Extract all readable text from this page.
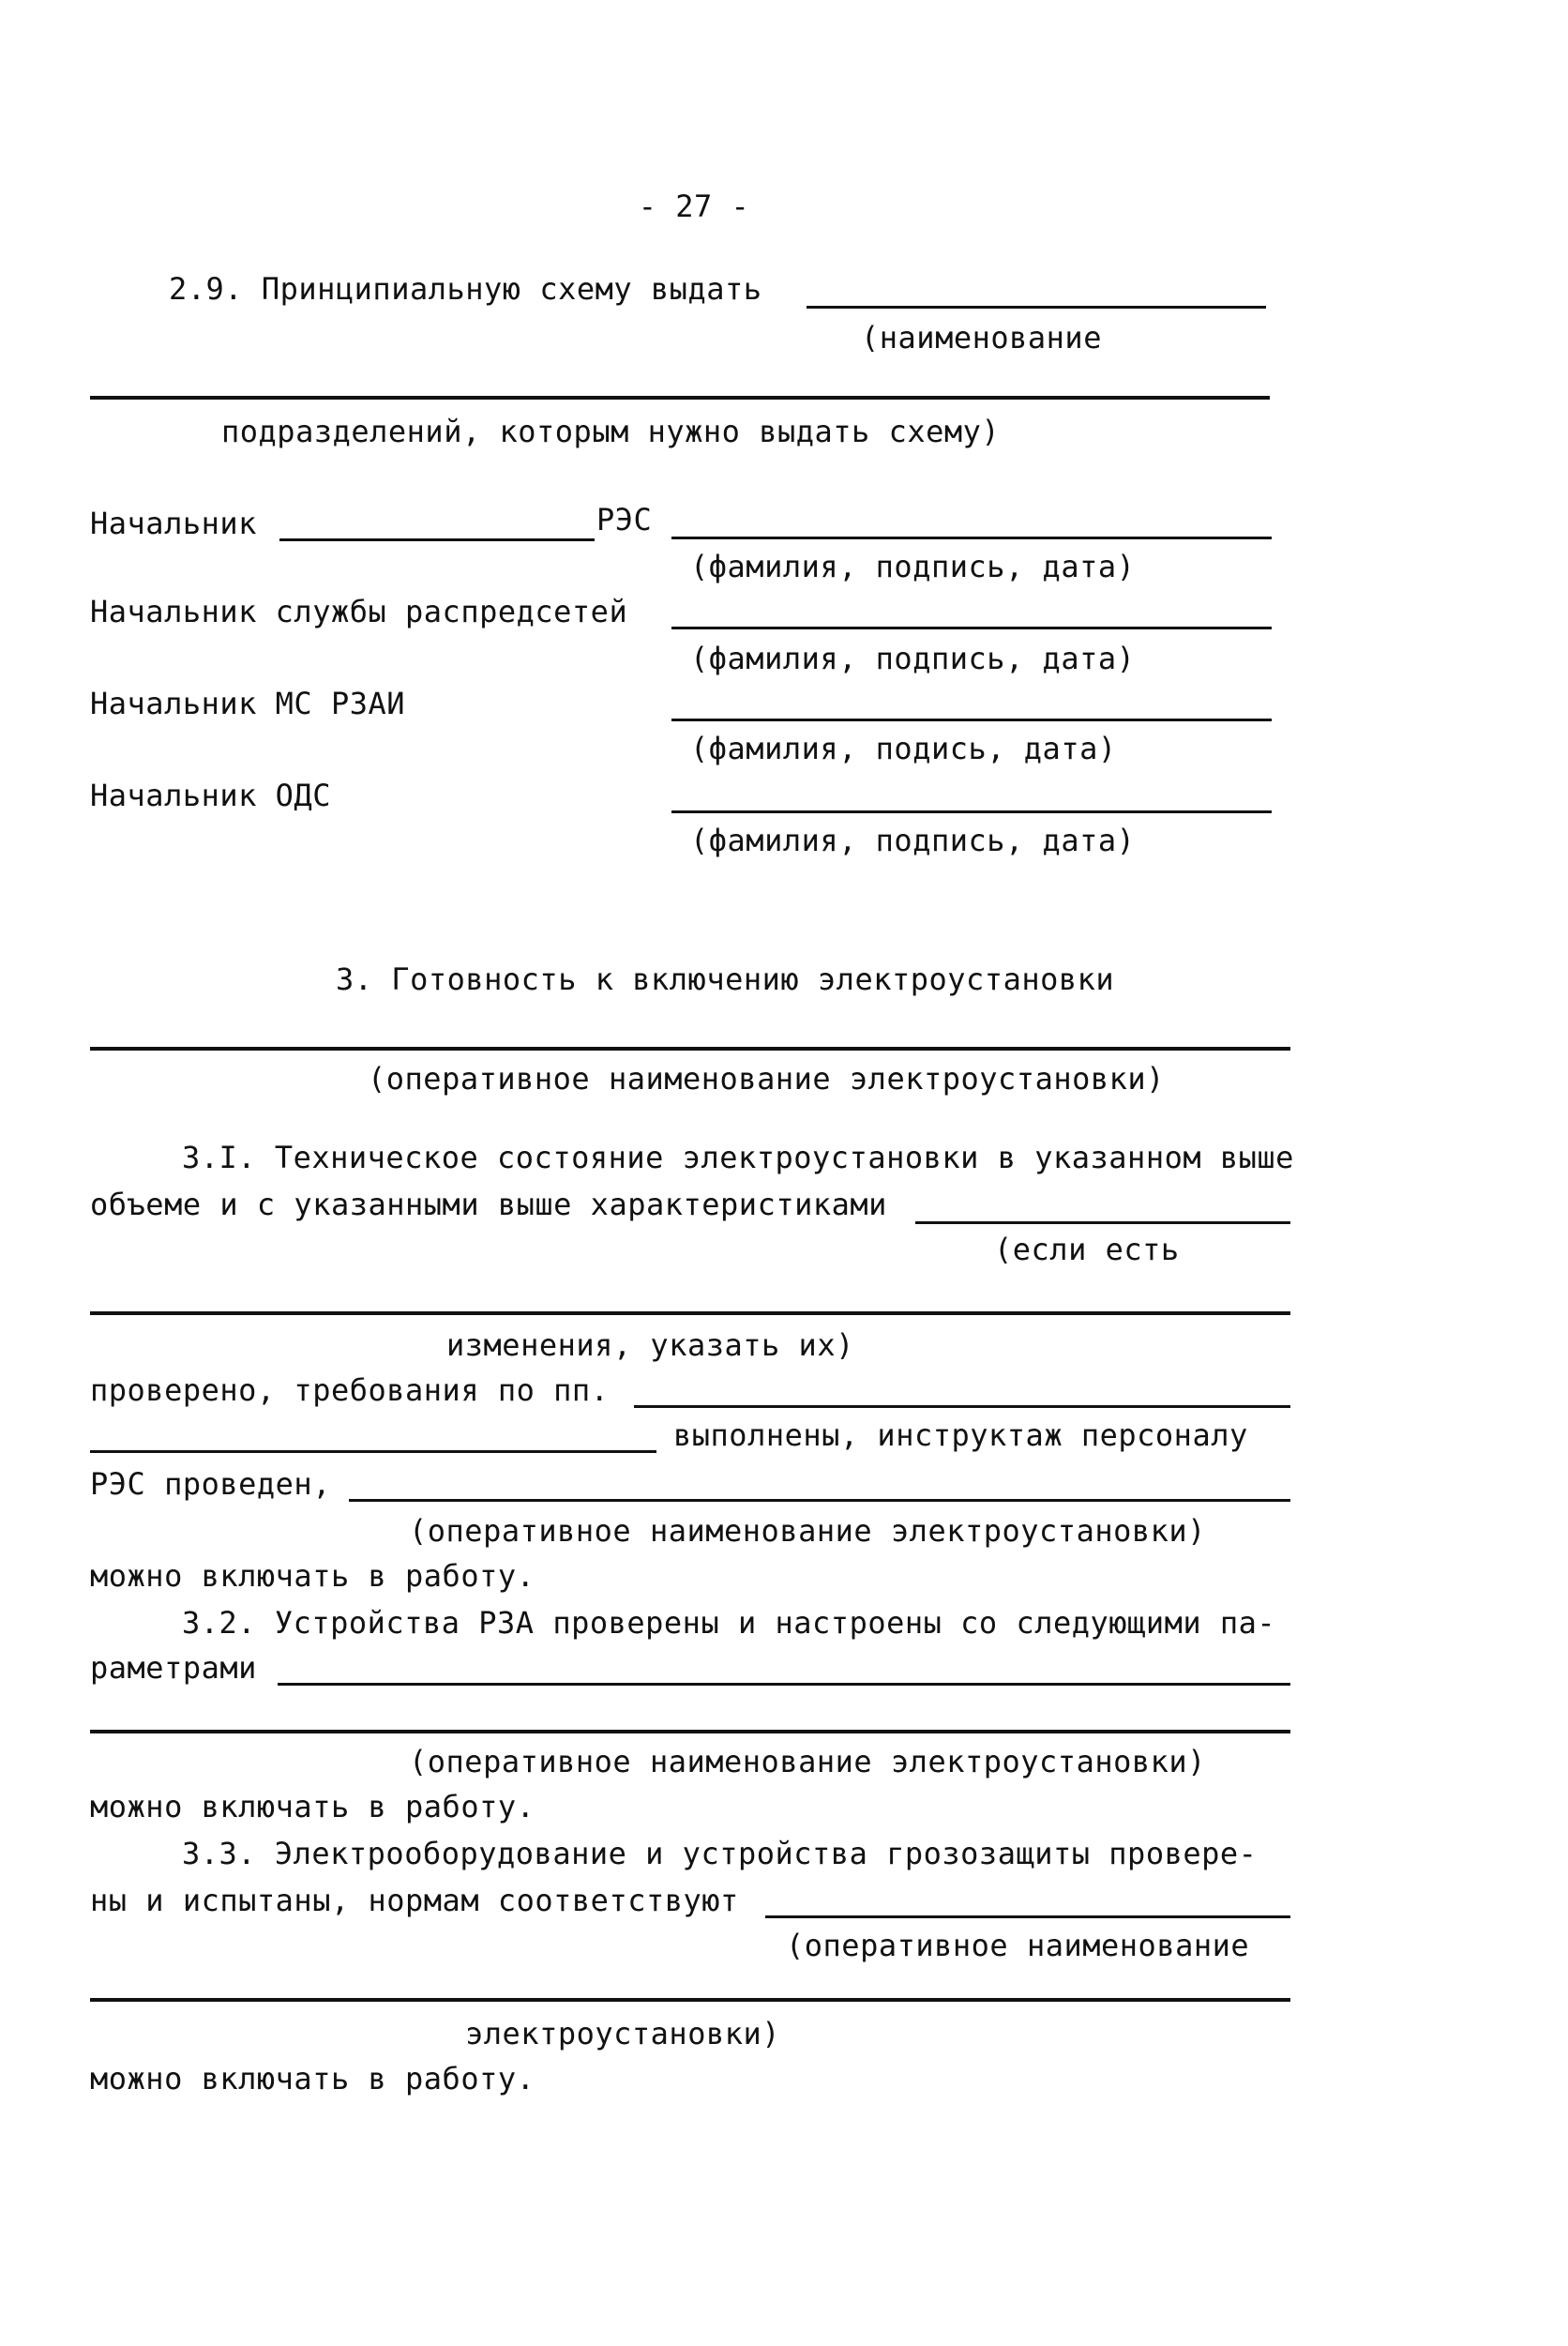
- 27 -
2.9. Принципиальную схему выдать
(наименование
подразделений, которым нужно выдать схему)
Начальник	РЭС
(фамилия, подпись, дата)
Начальник службы распредсетей
(фамилия, подпись, дата)
Начальник МС РЗАИ
(фамилия, подись, дата)
Начальник ОДС
(фамилия, подпись, дата)
3. Готовность к включению электроустановки
(оперативное наименование электроустановки)
3.I. Техническое состояние электроустановки в указанном выше
объеме и с указанными выше характеристиками
(если есть
изменения, указать их)
проверено, требования по пп.
выполнены, инструктаж персоналу
РЭС проведен,
(оперативное наименование электроустановки)
можно включать в работу.
3.2. Устройства РЗА проверены и настроены со следующими па-
раметрами
(оперативное наименование электроустановки)
можно включать в работу.
3.3. Электрооборудование и устройства грозозащиты провере-
ны и испытаны, нормам соответствуют
(оперативное наименование
электроустановки)
можно включать в работу.
